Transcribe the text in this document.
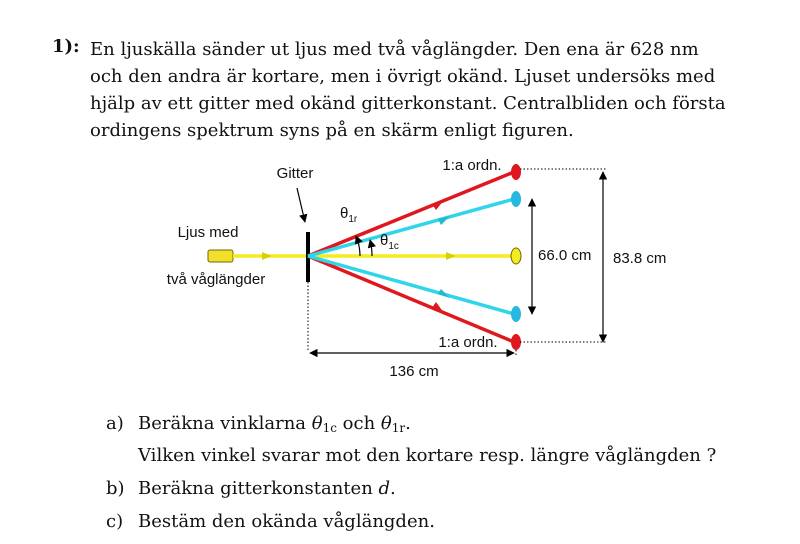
1): En ljuskälla sänder ut ljus med två våglängder. Den ena är 628 nm
och den andra är kortare, men i övrigt okänd. Ljuset undersöks med
hjälp av ett gitter med okänd gitterkonstant. Centralbliden och första
ordingens spektrum syns på en skärm enligt figuren.
Ljus med
två våglängder
Gitter
$\theta_{1r}$
$\theta_{1c}$
1:a ordn.
1:a ordn.
66.0 cm 83.8 cm
136 cm
a) Beräkna vinklarna $\theta_{1c}$ och $\theta_{1r}$.
Vilken vinkel svarar mot den kortare resp. längre våglängden ?
b) Beräkna gitterkonstanten d.
c) Bestäm den okända våglängden.
